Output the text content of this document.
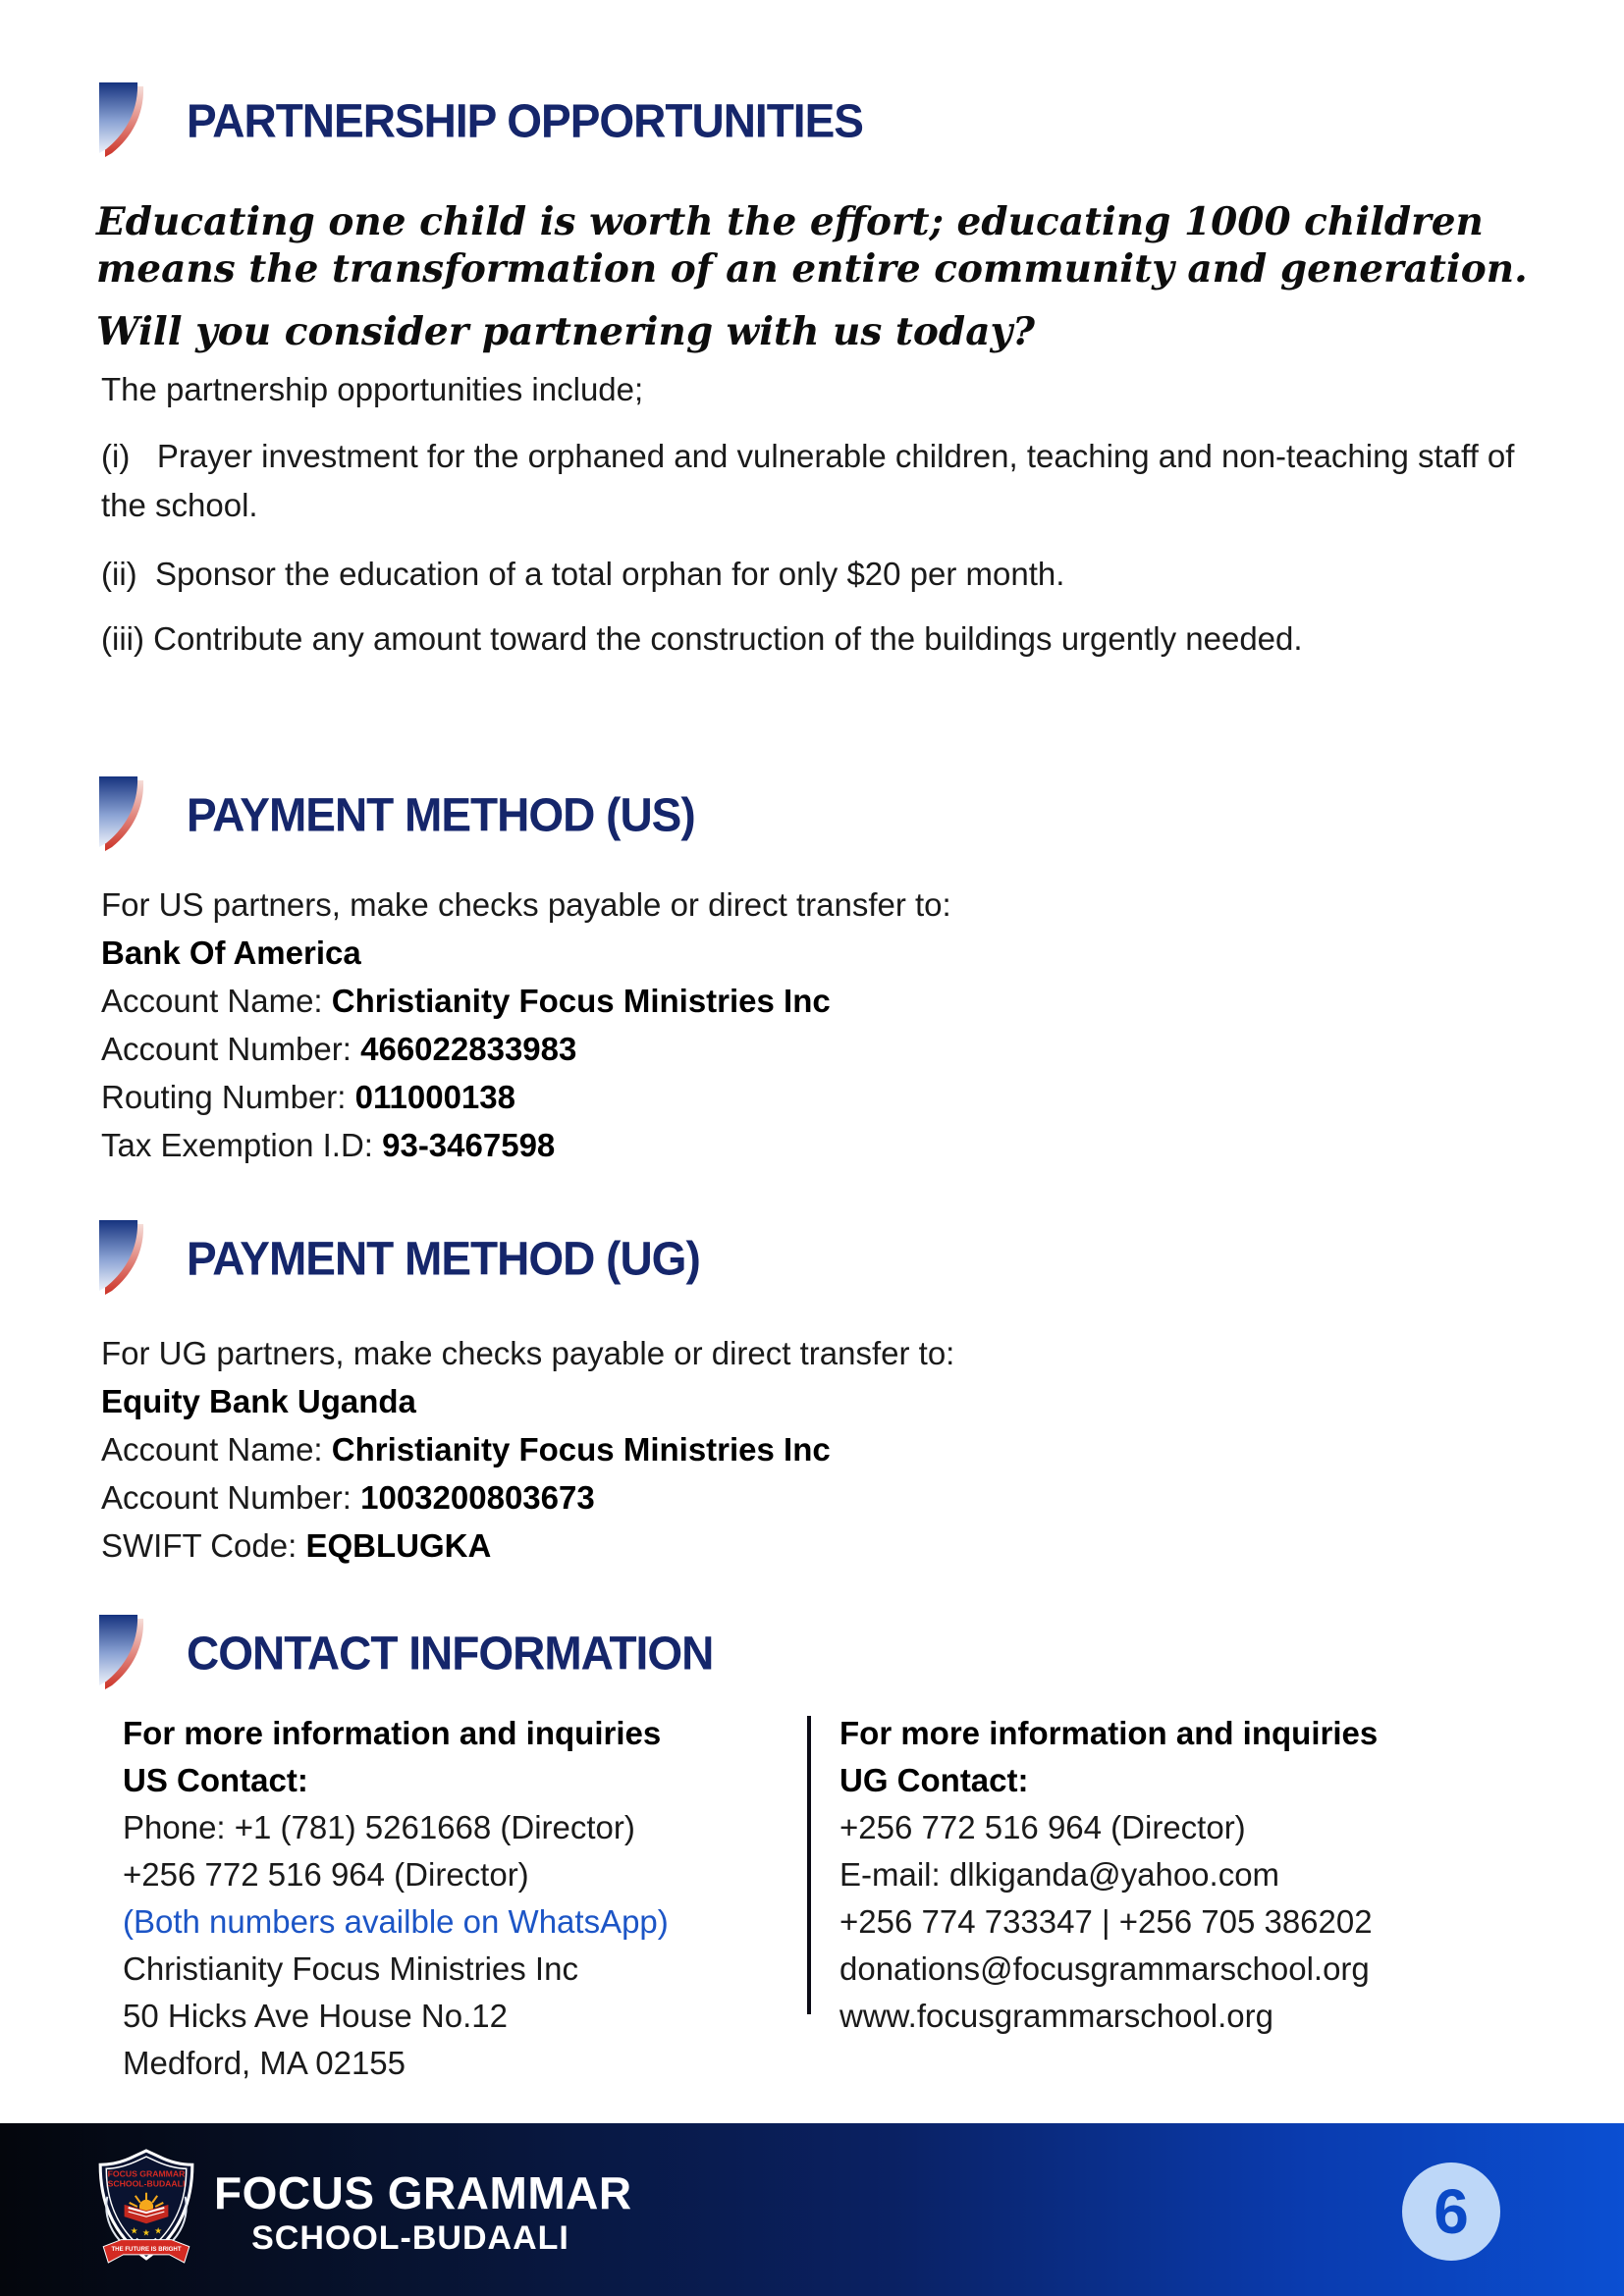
PARTNERSHIP OPPORTUNITIES

Educating one child is worth the effort; educating 1000 children

means the transformation of an entire community and generation.

Will you consider partnering with us today?

The partnership opportunities include;

(i)   Prayer investment for the orphaned and vulnerable children, teaching and non-teaching staff of the school.

(ii)  Sponsor the education of a total orphan for only $20 per month.

(iii) Contribute any amount toward the construction of the buildings urgently needed.

PAYMENT METHOD (US)

For US partners, make checks payable or direct transfer to:

Bank Of America

Account Name: Christianity Focus Ministries Inc

Account Number: 466022833983

Routing Number: 011000138

Tax Exemption I.D: 93-3467598

PAYMENT METHOD (UG)

For UG partners, make checks payable or direct transfer to:

Equity Bank Uganda

Account Name: Christianity Focus Ministries Inc

Account Number: 1003200803673

SWIFT Code: EQBLUGKA

CONTACT INFORMATION

For more information and inquiries

US Contact:

Phone: +1 (781) 5261668 (Director)

+256 772 516 964 (Director)

(Both numbers availble on WhatsApp)

Christianity Focus Ministries Inc

50 Hicks Ave House No.12

Medford, MA 02155

For more information and inquiries

UG Contact:

+256 772 516 964 (Director)

E-mail: dlkiganda@yahoo.com

+256 774 733347 | +256 705 386202

donations@focusgrammarschool.org

www.focusgrammarschool.org

FOCUS GRAMMAR
SCHOOL-BUDAALI
★ ★ ★
THE FUTURE IS BRIGHT

FOCUS GRAMMAR

SCHOOL-BUDAALI	6
